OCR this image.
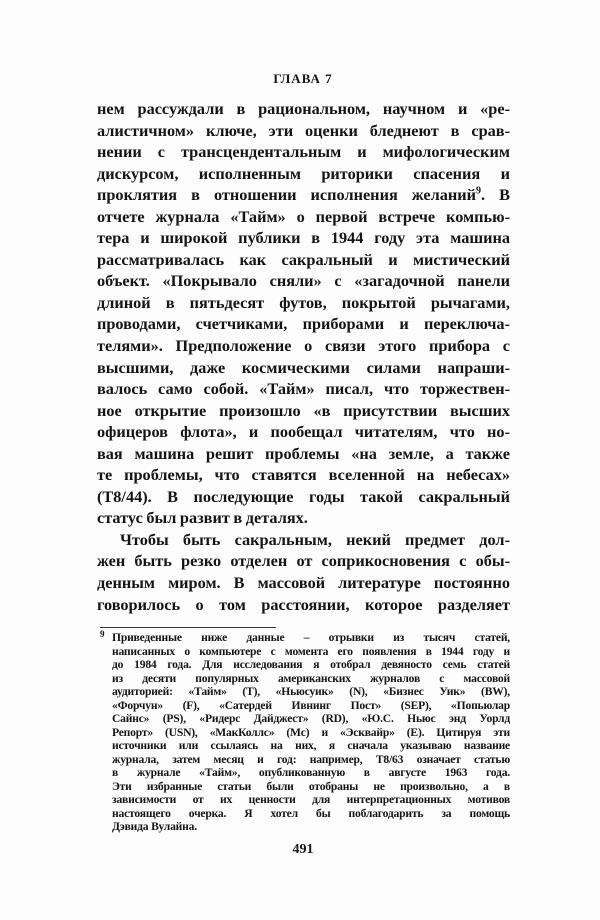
ГЛАВА 7
нем рассуждали в рациональном, научном и «ре-
алистичном» ключе, эти оценки бледнеют в срав-
нении с трансцендентальным и мифологическим
дискурсом, исполненным риторики спасения и
проклятия в отношении исполнения желаний$^9$. В
отчете журнала «Тайм» о первой встрече компью-
тера и широкой публики в 1944 году эта машина
рассматривалась как сакральный и мистический
объект. «Покрывало сняли» с «загадочной панели
длиной в пятьдесят футов, покрытой рычагами,
проводами, счетчиками, приборами и переключа-
телями». Предположение о связи этого прибора с
высшими, даже космическими силами напраши-
валось само собой. «Тайм» писал, что торжествен-
ное открытие произошло «в присутствии высших
офицеров флота», и пообещал читателям, что но-
вая машина решит проблемы «на земле, а также
те проблемы, что ставятся вселенной на небесах»
(Т8/44). В последующие годы такой сакральный
статус был развит в деталях.
Чтобы быть сакральным, некий предмет дол-
жен быть резко отделен от соприкосновения с обы-
денным миром. В массовой литературе постоянно
говорилось о том расстоянии, которое разделяет
9 Приведенные ниже данные – отрывки из тысяч статей,
написанных о компьютере с момента его появления в 1944 году и
до 1984 года. Для исследования я отобрал девяносто семь статей
из десяти популярных американских журналов с массовой
аудиторией: «Тайм» (T), «Ньюсуик» (N), «Бизнес Уик» (BW),
«Форчун» (F), «Сатердей Ивнинг Пост» (SEP), «Попьюлар
Сайнс» (PS), «Ридерс Дайджест» (RD), «Ю.С. Ньюс энд Уорлд
Репорт» (USN), «МакКоллс» (Mc) и «Эсквайр» (E). Цитируя эти
источники или ссылаясь на них, я сначала указываю название
журнала, затем месяц и год: например, T8/63 означает статью
в журнале «Тайм», опубликованную в августе 1963 года.
Эти избранные статьи были отобраны не произвольно, а в
зависимости от их ценности для интерпретационных мотивов
настоящего очерка. Я хотел бы поблагодарить за помощь
Дэвида Вулайна.
491
